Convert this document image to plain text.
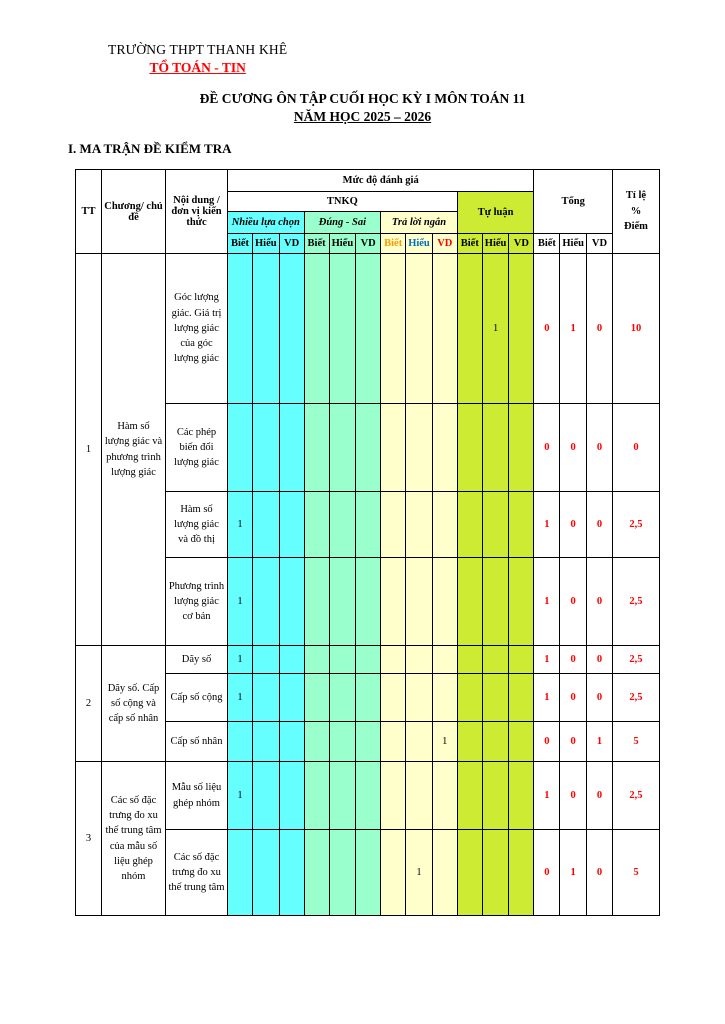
TRƯỜNG THPT THANH KHÊ
TỔ TOÁN - TIN
ĐỀ CƯƠNG ÔN TẬP CUỐI HỌC KỲ I MÔN TOÁN 11
NĂM HỌC 2025 – 2026
I. MA TRẬN ĐỀ KIỂM TRA
TT	Chương/ chủ đề	Nội dung / đơn vị kiến thức	Mức độ đánh giá												Tổng			Tỉ lệ
%
Điểm

			TNKQ									Tự luận						
			Nhiều lựa chọn			Đúng - Sai			Trả lời ngắn									
			Biết	Hiểu	VD	Biết	Hiểu	VD	Biết	Hiểu	VD	Biết	Hiểu	VD	Biết	Hiểu	VD	
1	Hàm số lượng giác và phương trình lượng giác	Góc lượng giác. Giá trị lượng giác của góc lượng giác											1		0	1	0	10
		Các phép biến đổi lượng giác													0	0	0	0
		Hàm số lượng giác và đồ thị	1												1	0	0	2,5
		Phương trình lượng giác cơ bản	1												1	0	0	2,5
2	Dãy số. Cấp số cộng và cấp số nhân	Dãy số	1												1	0	0	2,5
		Cấp số cộng	1												1	0	0	2,5
		Cấp số nhân									1				0	0	1	5
3	Các số đặc trưng đo xu thế trung tâm của mẫu số liệu ghép nhóm	Mẫu số liệu ghép nhóm	1												1	0	0	2,5
		Các số đặc trưng đo xu thế trung tâm								1					0	1	0	5
